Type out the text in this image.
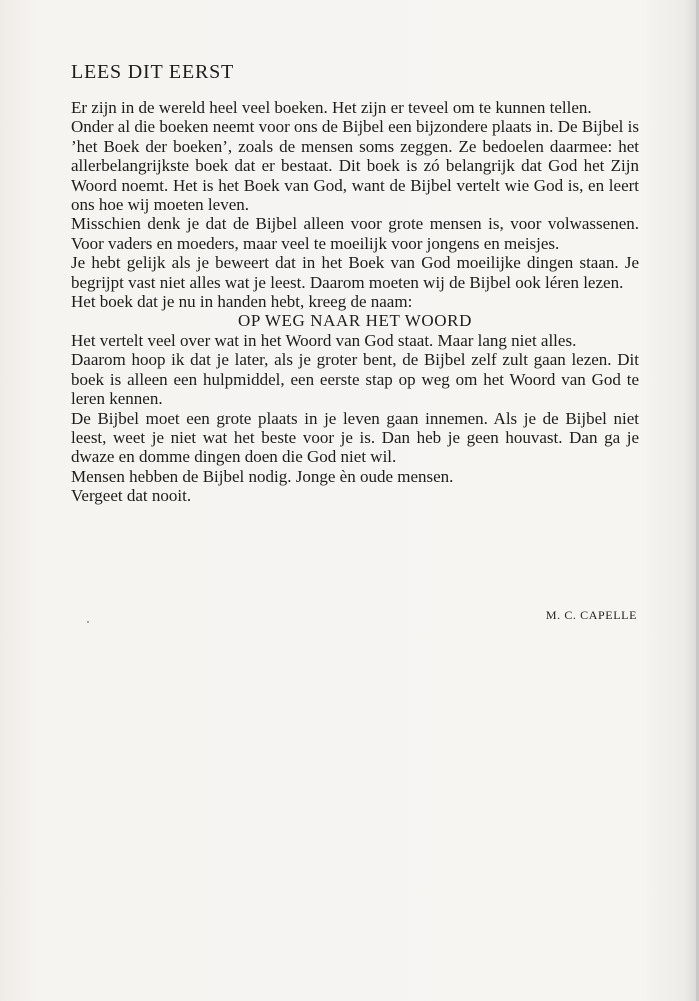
LEES DIT EERST

Er zijn in de wereld heel veel boeken. Het zijn er teveel om te kunnen tellen.

Onder al die boeken neemt voor ons de Bijbel een bijzondere plaats in. De Bijbel is ’het Boek der boeken’, zoals de mensen soms zeggen. Ze bedoelen daarmee: het allerbelangrijkste boek dat er bestaat. Dit boek is zó belangrijk dat God het Zijn Woord noemt. Het is het Boek van God, want de Bijbel vertelt wie God is, en leert ons hoe wij moeten leven.

Misschien denk je dat de Bijbel alleen voor grote mensen is, voor volwassenen. Voor vaders en moeders, maar veel te moeilijk voor jongens en meisjes.

Je hebt gelijk als je beweert dat in het Boek van God moeilijke dingen staan. Je begrijpt vast niet alles wat je leest. Daarom moeten wij de Bijbel ook léren lezen.

Het boek dat je nu in handen hebt, kreeg de naam:

OP WEG NAAR HET WOORD

Het vertelt veel over wat in het Woord van God staat. Maar lang niet alles.

Daarom hoop ik dat je later, als je groter bent, de Bijbel zelf zult gaan lezen. Dit boek is alleen een hulpmiddel, een eerste stap op weg om het Woord van God te leren kennen.

De Bijbel moet een grote plaats in je leven gaan innemen. Als je de Bijbel niet leest, weet je niet wat het beste voor je is. Dan heb je geen houvast. Dan ga je dwaze en domme dingen doen die God niet wil.

Mensen hebben de Bijbel nodig. Jonge èn oude mensen.

Vergeet dat nooit.

M. C. CAPELLE
